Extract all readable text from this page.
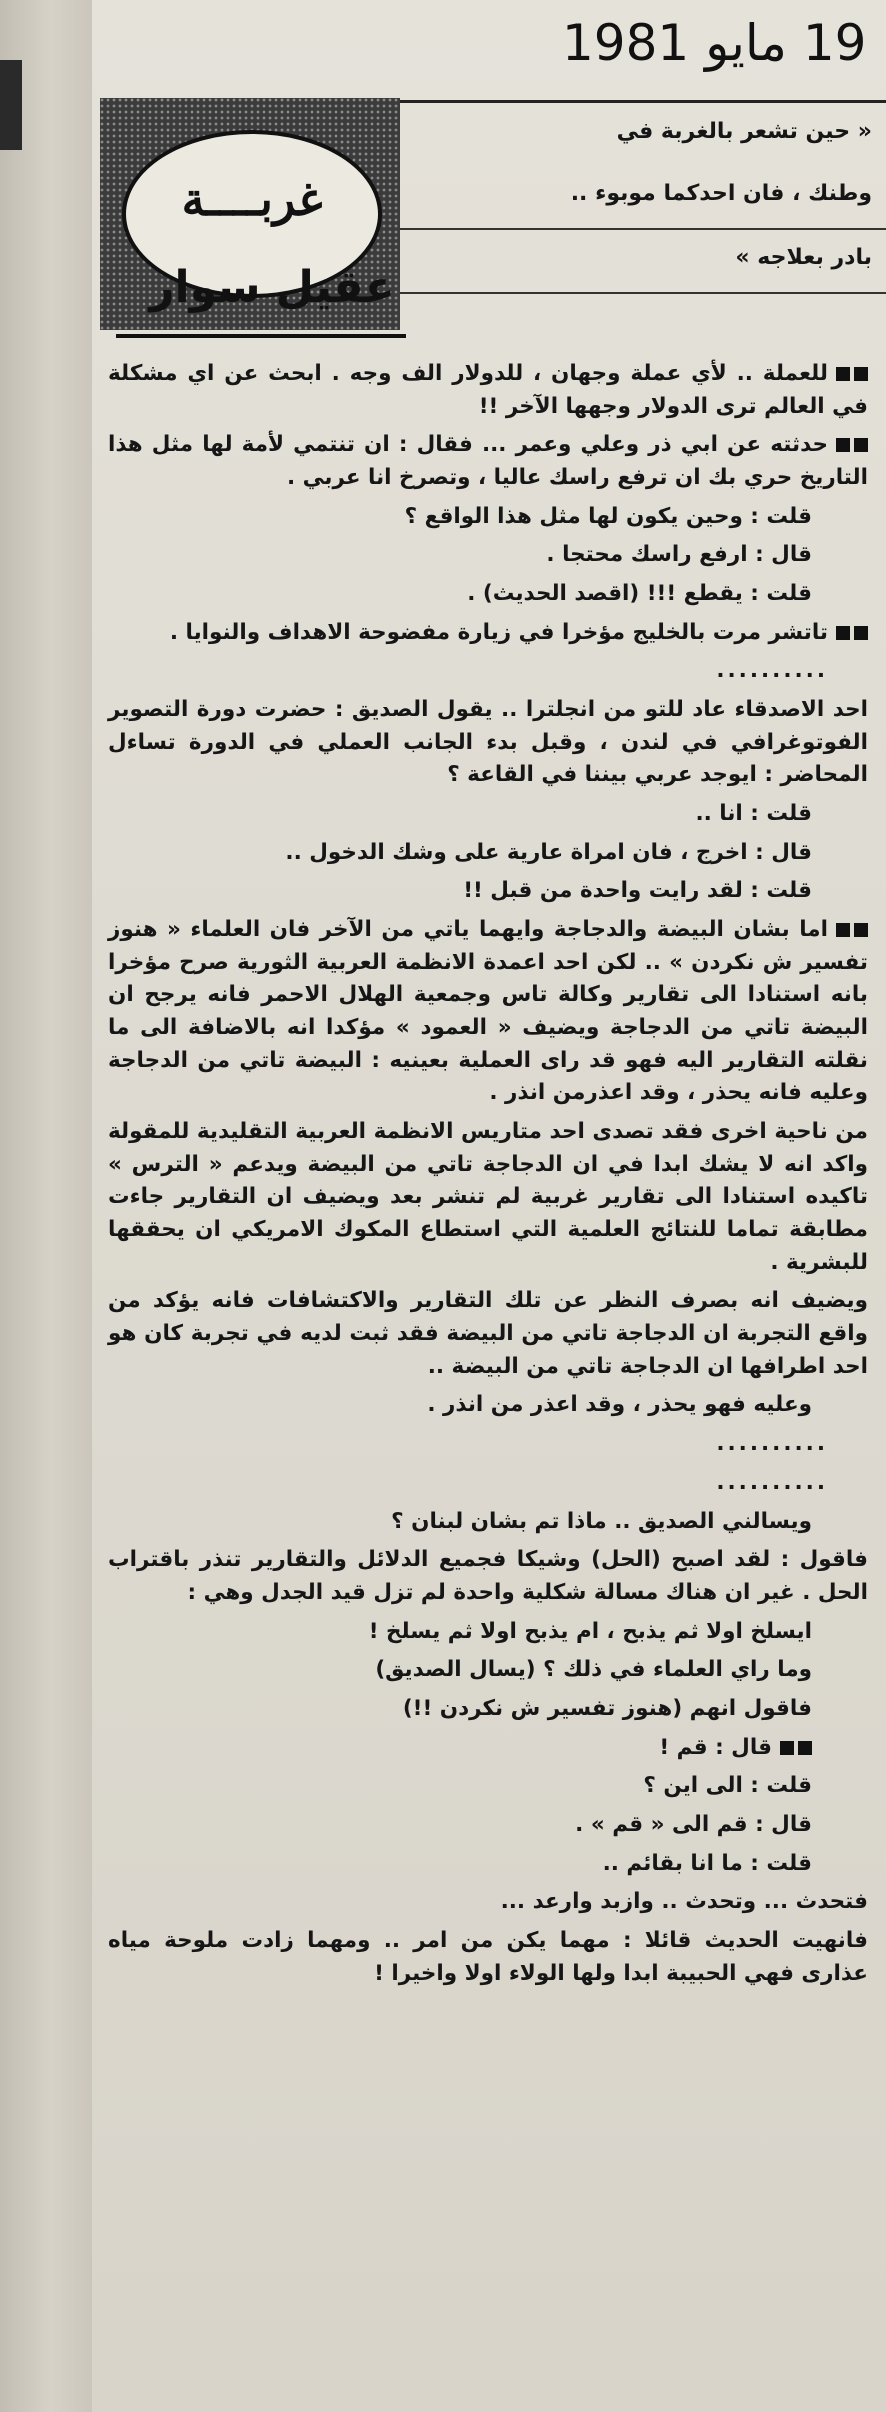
19 مايو 1981
غربــــة
عقيل سوار
« حين تشعر بالغربة في
وطنك ، فان احدكما موبوء ..
بادر بعلاجه »

للعملة .. لأي عملة وجهان ، للدولار الف وجه . ابحث عن اي مشكلة في العالم ترى الدولار وجهها الآخر !!

حدثته عن ابي ذر وعلي وعمر ... فقال : ان تنتمي لأمة لها مثل هذا التاريخ حري بك ان ترفع راسك عاليا ، وتصرخ انا عربي .

قلت : وحين يكون لها مثل هذا الواقع ؟

قال : ارفع راسك محتجا .

قلت : يقطع !!! (اقصد الحديث) .

تاتشر مرت بالخليج مؤخرا في زيارة مفضوحة الاهداف والنوايا .

..........

احد الاصدقاء عاد للتو من انجلترا .. يقول الصديق : حضرت دورة التصوير الفوتوغرافي في لندن ، وقبل بدء الجانب العملي في الدورة تساءل المحاضر : ايوجد عربي بيننا في القاعة ؟

قلت : انا ..

قال : اخرج ، فان امراة عارية على وشك الدخول ..

قلت : لقد رايت واحدة من قبل !!

اما بشان البيضة والدجاجة وايهما ياتي من الآخر فان العلماء « هنوز تفسير ش نكردن » .. لكن احد اعمدة الانظمة العربية الثورية صرح مؤخرا بانه استنادا الى تقارير وكالة تاس وجمعية الهلال الاحمر فانه يرجح ان البيضة تاتي من الدجاجة ويضيف « العمود » مؤكدا انه بالاضافة الى ما نقلته التقارير اليه فهو قد راى العملية بعينيه : البيضة تاتي من الدجاجة وعليه فانه يحذر ، وقد اعذرمن انذر .

من ناحية اخرى فقد تصدى احد متاريس الانظمة العربية التقليدية للمقولة واكد انه لا يشك ابدا في ان الدجاجة تاتي من البيضة ويدعم « الترس » تاكيده استنادا الى تقارير غربية لم تنشر بعد ويضيف ان التقارير جاءت مطابقة تماما للنتائج العلمية التي استطاع المكوك الامريكي ان يحققها للبشرية .

ويضيف انه بصرف النظر عن تلك التقارير والاكتشافات فانه يؤكد من واقع التجربة ان الدجاجة تاتي من البيضة فقد ثبت لديه في تجربة كان هو احد اطرافها ان الدجاجة تاتي من البيضة ..

وعليه فهو يحذر ، وقد اعذر من انذر .

..........

..........

ويسالني الصديق .. ماذا تم بشان لبنان ؟

فاقول : لقد اصبح (الحل) وشيكا فجميع الدلائل والتقارير تنذر باقتراب الحل . غير ان هناك مسالة شكلية واحدة لم تزل قيد الجدل وهي :

ايسلخ اولا ثم يذبح ، ام يذبح اولا ثم يسلخ !

وما راي العلماء في ذلك ؟ (يسال الصديق)

فاقول انهم (هنوز تفسير ش نكردن !!)

قال : قم !

قلت : الى اين ؟

قال : قم الى « قم » .

قلت : ما انا بقائم ..

فتحدث ... وتحدث .. وازبد وارعد ...

فانهيت الحديث قائلا : مهما يكن من امر .. ومهما زادت ملوحة مياه عذارى فهي الحبيبة ابدا ولها الولاء اولا واخيرا !
